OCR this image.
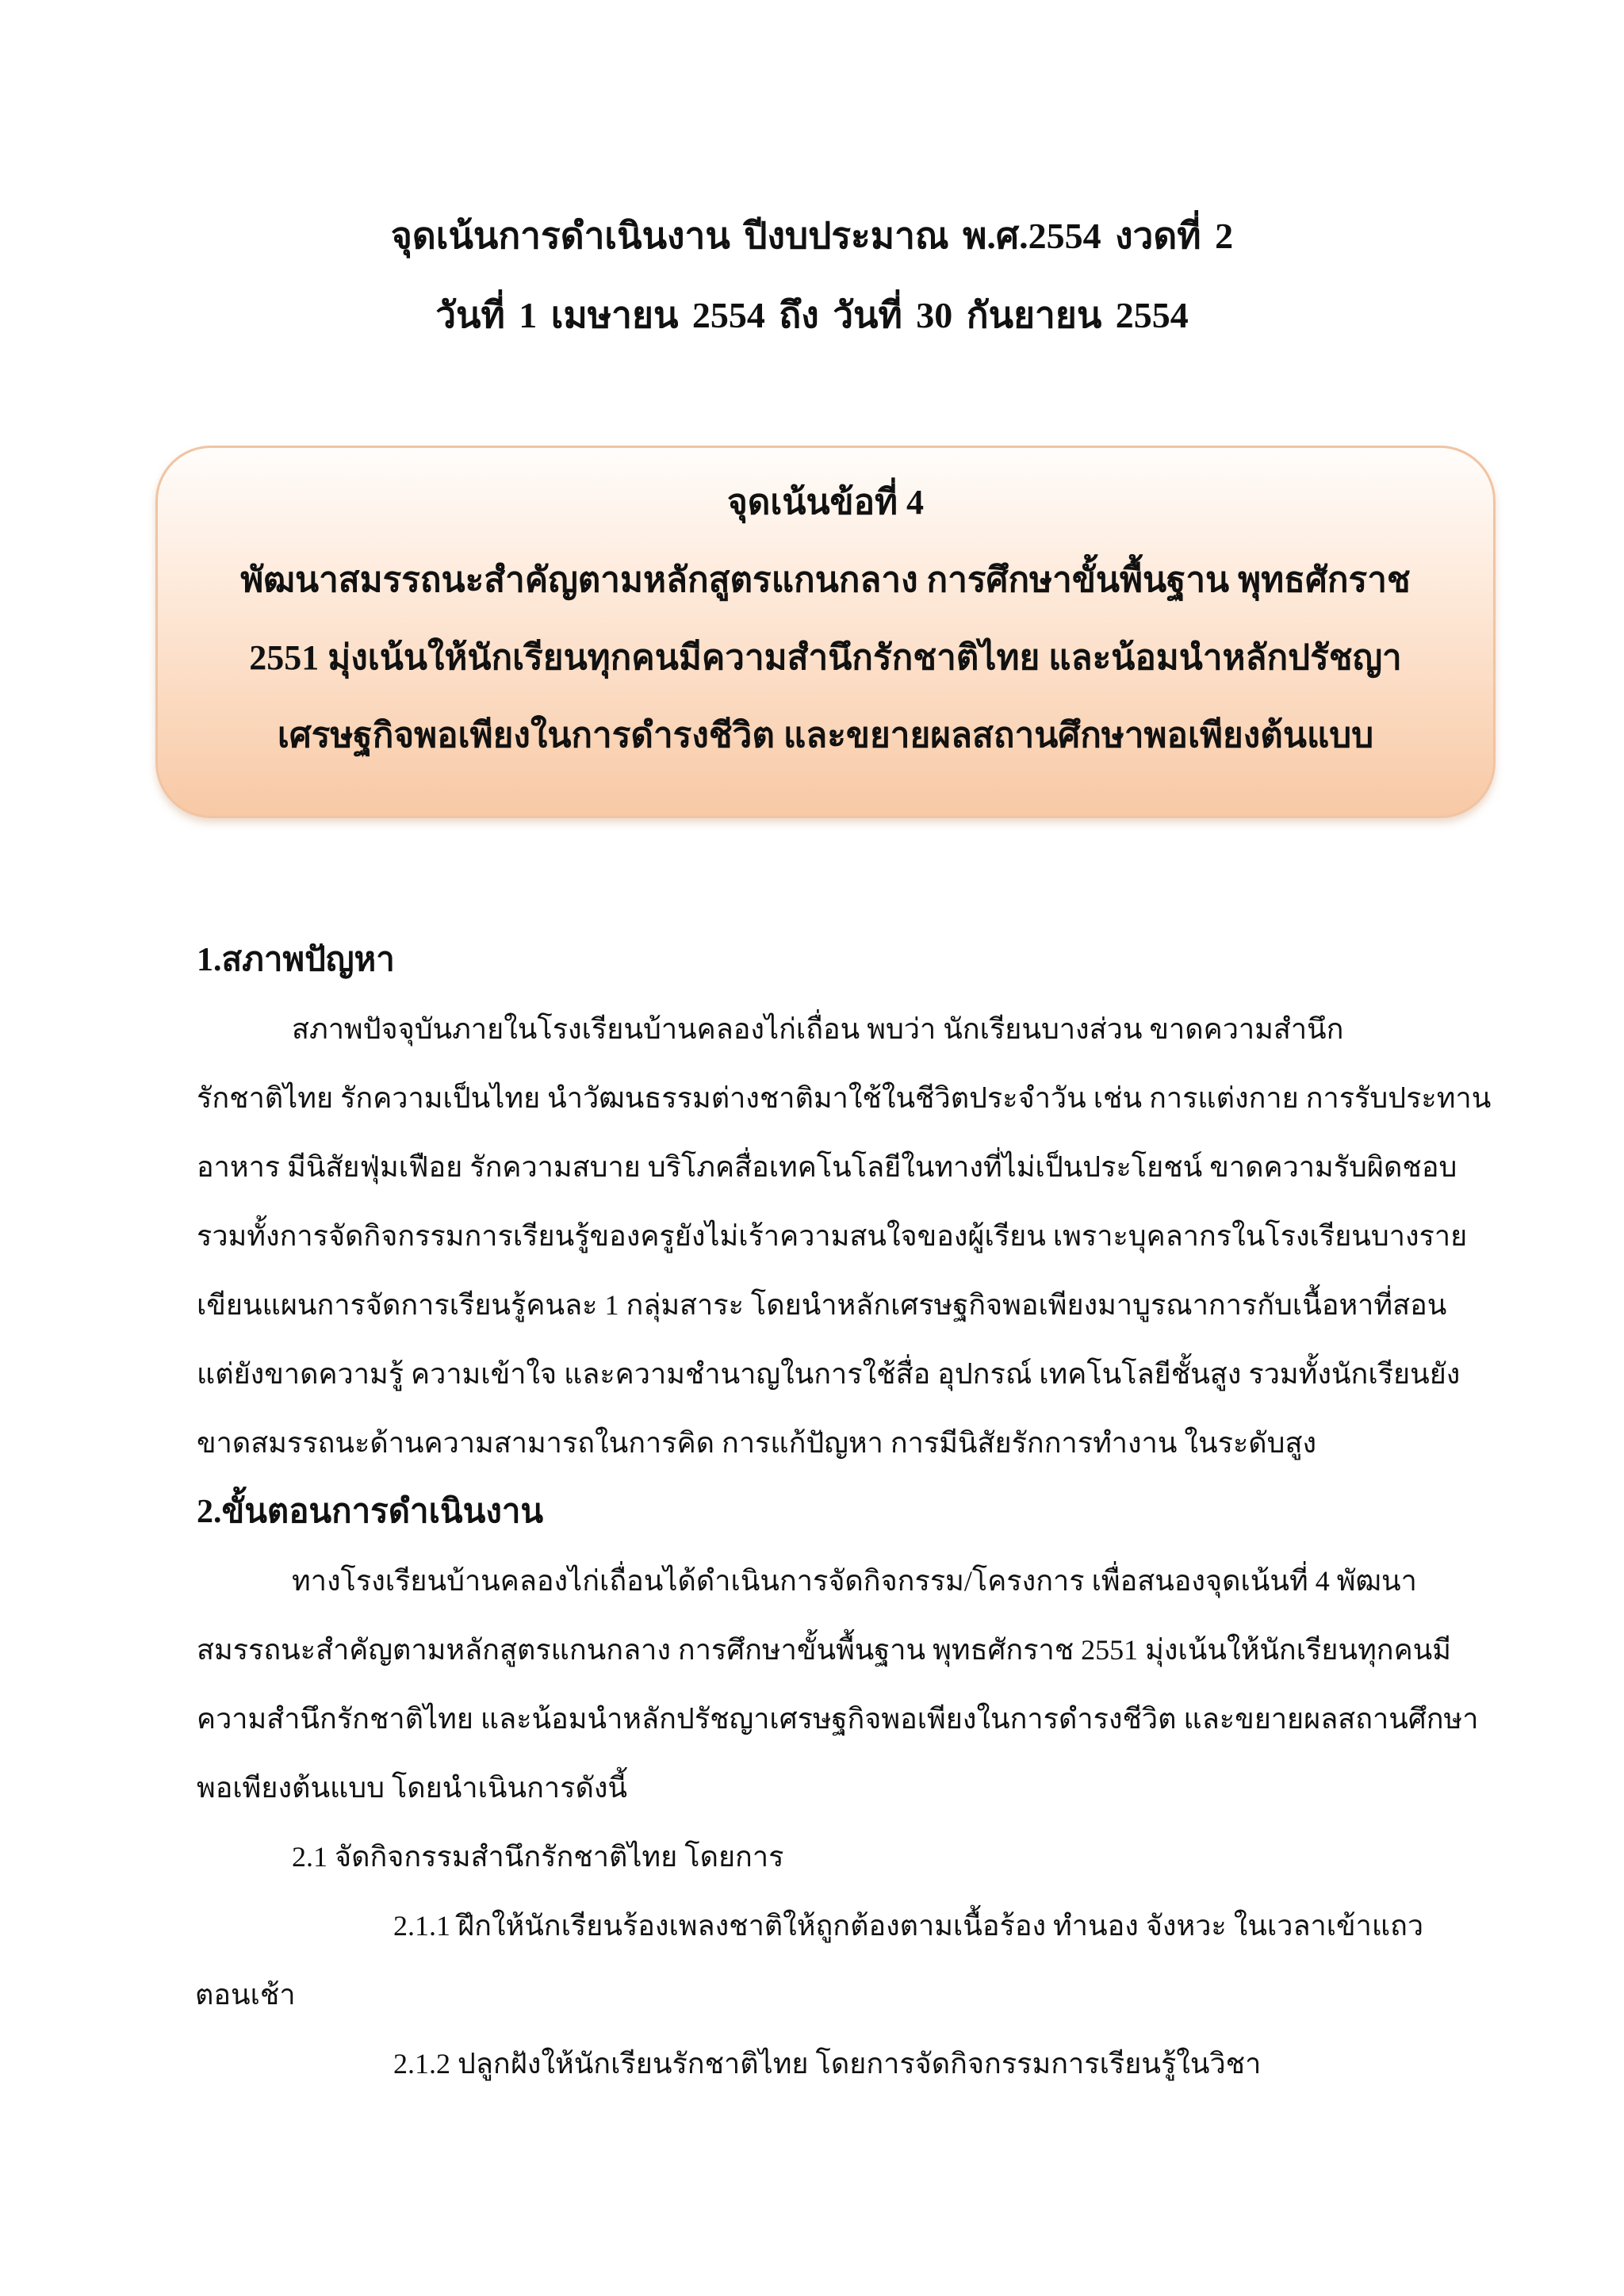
จุดเน้นการดำเนินงาน ปีงบประมาณ พ.ศ.2554 งวดที่ 2
วันที่ 1 เมษายน 2554 ถึง วันที่ 30 กันยายน 2554
จุดเน้นข้อที่ 4
พัฒนาสมรรถนะสำคัญตามหลักสูตรแกนกลาง การศึกษาขั้นพื้นฐาน พุทธศักราช
2551 มุ่งเน้นให้นักเรียนทุกคนมีความสำนึกรักชาติไทย และน้อมนำหลักปรัชญา
เศรษฐกิจพอเพียงในการดำรงชีวิต และขยายผลสถานศึกษาพอเพียงต้นแบบ
1.สภาพปัญหา
สภาพปัจจุบันภายในโรงเรียนบ้านคลองไก่เถื่อน พบว่า นักเรียนบางส่วน ขาดความสำนึก
รักชาติไทย รักความเป็นไทย นำวัฒนธรรมต่างชาติมาใช้ในชีวิตประจำวัน เช่น การแต่งกาย การรับประทาน
อาหาร มีนิสัยฟุ่มเฟือย รักความสบาย บริโภคสื่อเทคโนโลยีในทางที่ไม่เป็นประโยชน์ ขาดความรับผิดชอบ
รวมทั้งการจัดกิจกรรมการเรียนรู้ของครูยังไม่เร้าความสนใจของผู้เรียน เพราะบุคลากรในโรงเรียนบางราย
เขียนแผนการจัดการเรียนรู้คนละ 1 กลุ่มสาระ โดยนำหลักเศรษฐกิจพอเพียงมาบูรณาการกับเนื้อหาที่สอน
แต่ยังขาดความรู้ ความเข้าใจ และความชำนาญในการใช้สื่อ อุปกรณ์ เทคโนโลยีชั้นสูง รวมทั้งนักเรียนยัง
ขาดสมรรถนะด้านความสามารถในการคิด การแก้ปัญหา การมีนิสัยรักการทำงาน ในระดับสูง
2.ขั้นตอนการดำเนินงาน
ทางโรงเรียนบ้านคลองไก่เถื่อนได้ดำเนินการจัดกิจกรรม/โครงการ เพื่อสนองจุดเน้นที่ 4 พัฒนา
สมรรถนะสำคัญตามหลักสูตรแกนกลาง การศึกษาขั้นพื้นฐาน พุทธศักราช 2551 มุ่งเน้นให้นักเรียนทุกคนมี
ความสำนึกรักชาติไทย และน้อมนำหลักปรัชญาเศรษฐกิจพอเพียงในการดำรงชีวิต และขยายผลสถานศึกษา
พอเพียงต้นแบบ โดยนำเนินการดังนี้
2.1 จัดกิจกรรมสำนึกรักชาติไทย โดยการ
2.1.1 ฝึกให้นักเรียนร้องเพลงชาติให้ถูกต้องตามเนื้อร้อง ทำนอง จังหวะ ในเวลาเข้าแถว
ตอนเช้า
2.1.2 ปลูกฝังให้นักเรียนรักชาติไทย โดยการจัดกิจกรรมการเรียนรู้ในวิชา
